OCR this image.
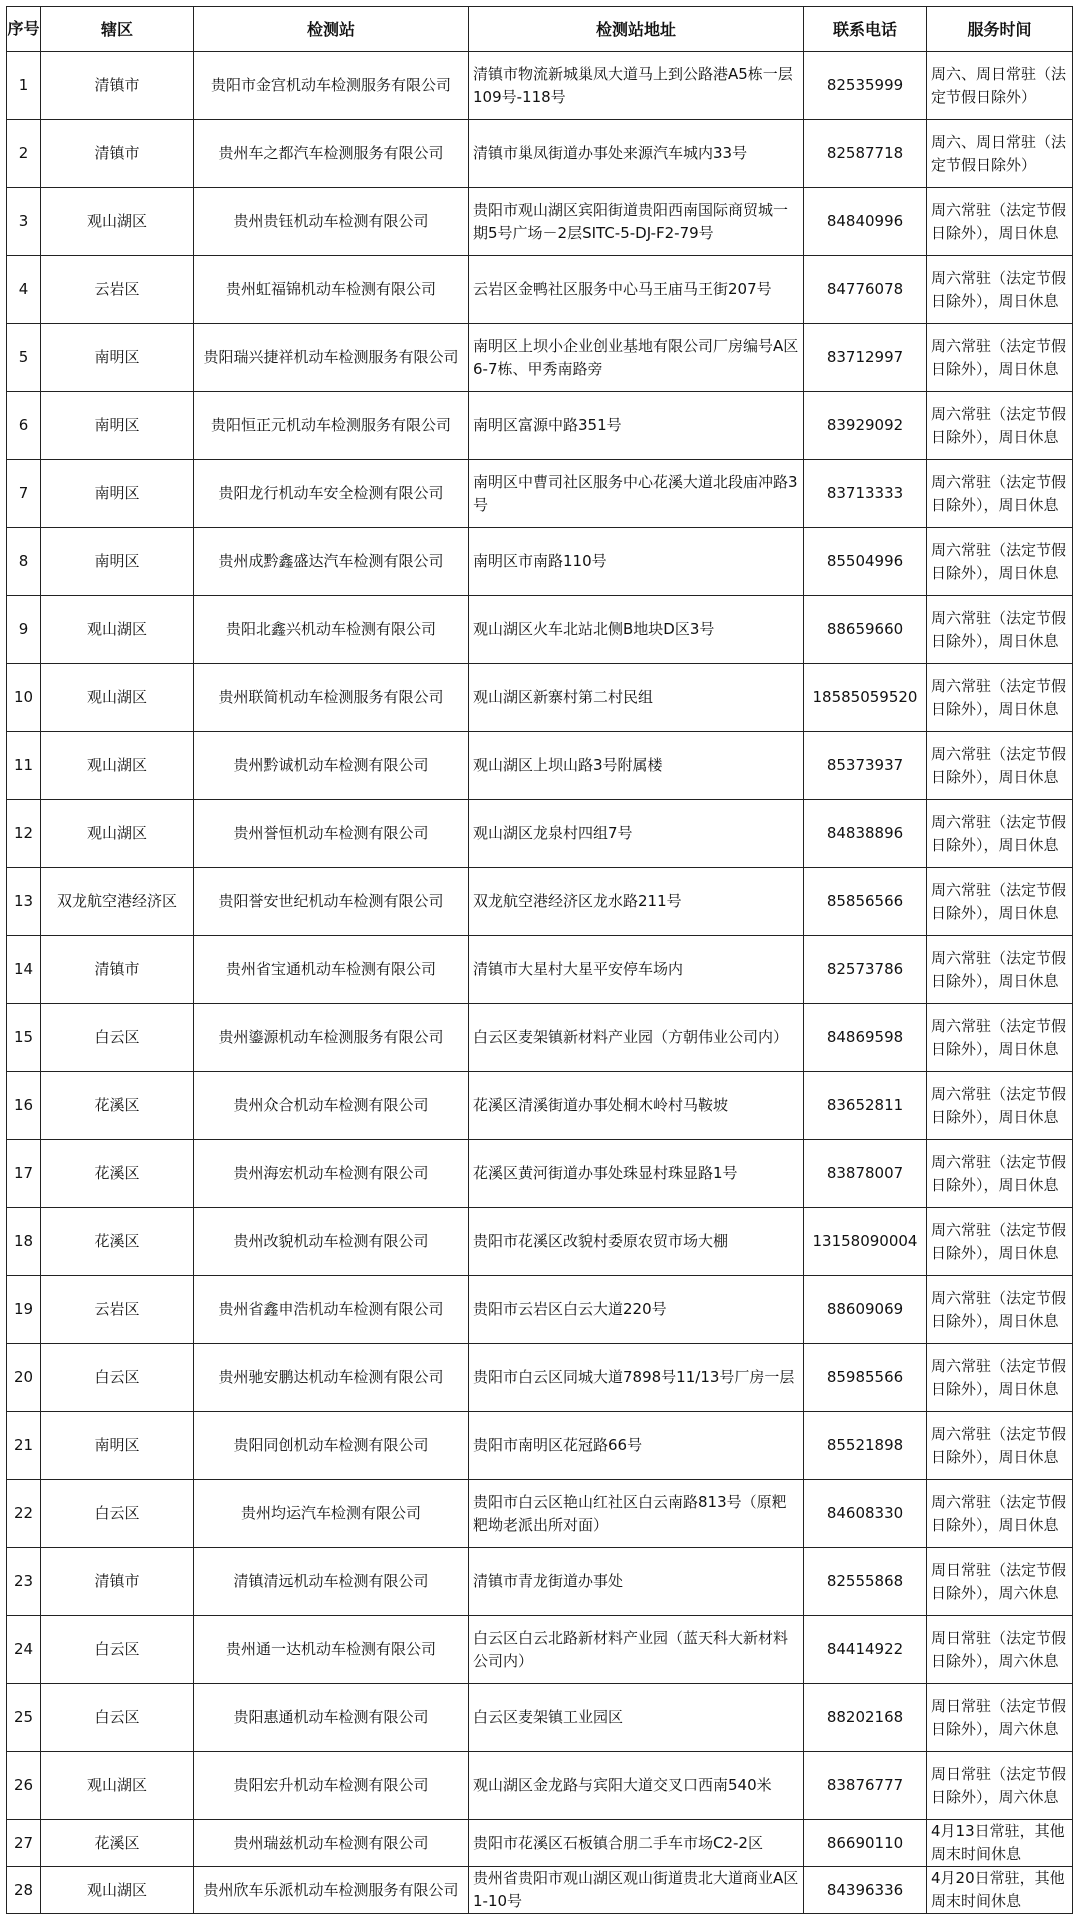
序号	辖区	检测站	检测站地址	联系电话	服务时间
1	清镇市	贵阳市金宫机动车检测服务有限公司	清镇市物流新城巢凤大道马上到公路港A5栋一层109号-118号	82535999	周六、周日常驻（法定节假日除外）
2	清镇市	贵州车之都汽车检测服务有限公司	清镇市巢凤街道办事处来源汽车城内33号	82587718	周六、周日常驻（法定节假日除外）
3	观山湖区	贵州贵钰机动车检测有限公司	贵阳市观山湖区宾阳街道贵阳西南国际商贸城一期5号广场－2层SITC-5-DJ-F2-79号	84840996	周六常驻（法定节假日除外），周日休息
4	云岩区	贵州虹福锦机动车检测有限公司	云岩区金鸭社区服务中心马王庙马王街207号	84776078	周六常驻（法定节假日除外），周日休息
5	南明区	贵阳瑞兴捷祥机动车检测服务有限公司	南明区上坝小企业创业基地有限公司厂房编号A区6-7栋、甲秀南路旁	83712997	周六常驻（法定节假日除外），周日休息
6	南明区	贵阳恒正元机动车检测服务有限公司	南明区富源中路351号	83929092	周六常驻（法定节假日除外），周日休息
7	南明区	贵阳龙行机动车安全检测有限公司	南明区中曹司社区服务中心花溪大道北段庙冲路3号	83713333	周六常驻（法定节假日除外），周日休息
8	南明区	贵州成黔鑫盛达汽车检测有限公司	南明区市南路110号	85504996	周六常驻（法定节假日除外），周日休息
9	观山湖区	贵阳北鑫兴机动车检测有限公司	观山湖区火车北站北侧B地块D区3号	88659660	周六常驻（法定节假日除外），周日休息
10	观山湖区	贵州联简机动车检测服务有限公司	观山湖区新寨村第二村民组	18585059520	周六常驻（法定节假日除外），周日休息
11	观山湖区	贵州黔诚机动车检测有限公司	观山湖区上坝山路3号附属楼	85373937	周六常驻（法定节假日除外），周日休息
12	观山湖区	贵州誉恒机动车检测有限公司	观山湖区龙泉村四组7号	84838896	周六常驻（法定节假日除外），周日休息
13	双龙航空港经济区	贵阳誉安世纪机动车检测有限公司	双龙航空港经济区龙水路211号	85856566	周六常驻（法定节假日除外），周日休息
14	清镇市	贵州省宝通机动车检测有限公司	清镇市大星村大星平安停车场内	82573786	周六常驻（法定节假日除外），周日休息
15	白云区	贵州鎏源机动车检测服务有限公司	白云区麦架镇新材料产业园（方朝伟业公司内）	84869598	周六常驻（法定节假日除外），周日休息
16	花溪区	贵州众合机动车检测有限公司	花溪区清溪街道办事处桐木岭村马鞍坡	83652811	周六常驻（法定节假日除外），周日休息
17	花溪区	贵州海宏机动车检测有限公司	花溪区黄河街道办事处珠显村珠显路1号	83878007	周六常驻（法定节假日除外），周日休息
18	花溪区	贵州改貌机动车检测有限公司	贵阳市花溪区改貌村委原农贸市场大棚	13158090004	周六常驻（法定节假日除外），周日休息
19	云岩区	贵州省鑫申浩机动车检测有限公司	贵阳市云岩区白云大道220号	88609069	周六常驻（法定节假日除外），周日休息
20	白云区	贵州驰安鹏达机动车检测有限公司	贵阳市白云区同城大道7898号11/13号厂房一层	85985566	周六常驻（法定节假日除外），周日休息
21	南明区	贵阳同创机动车检测有限公司	贵阳市南明区花冠路66号	85521898	周六常驻（法定节假日除外），周日休息
22	白云区	贵州均运汽车检测有限公司	贵阳市白云区艳山红社区白云南路813号（原粑粑坳老派出所对面）	84608330	周六常驻（法定节假日除外），周日休息
23	清镇市	清镇清远机动车检测有限公司	清镇市青龙街道办事处	82555868	周日常驻（法定节假日除外），周六休息
24	白云区	贵州通一达机动车检测有限公司	白云区白云北路新材料产业园（蓝天科大新材料公司内）	84414922	周日常驻（法定节假日除外），周六休息
25	白云区	贵阳惠通机动车检测有限公司	白云区麦架镇工业园区	88202168	周日常驻（法定节假日除外），周六休息
26	观山湖区	贵阳宏升机动车检测有限公司	观山湖区金龙路与宾阳大道交叉口西南540米	83876777	周日常驻（法定节假日除外），周六休息
27	花溪区	贵州瑞兹机动车检测有限公司	贵阳市花溪区石板镇合朋二手车市场C2-2区	86690110	4月13日常驻，其他周末时间休息
28	观山湖区	贵州欣车乐派机动车检测服务有限公司	贵州省贵阳市观山湖区观山街道贵北大道商业A区1-10号	84396336	4月20日常驻，其他周末时间休息
